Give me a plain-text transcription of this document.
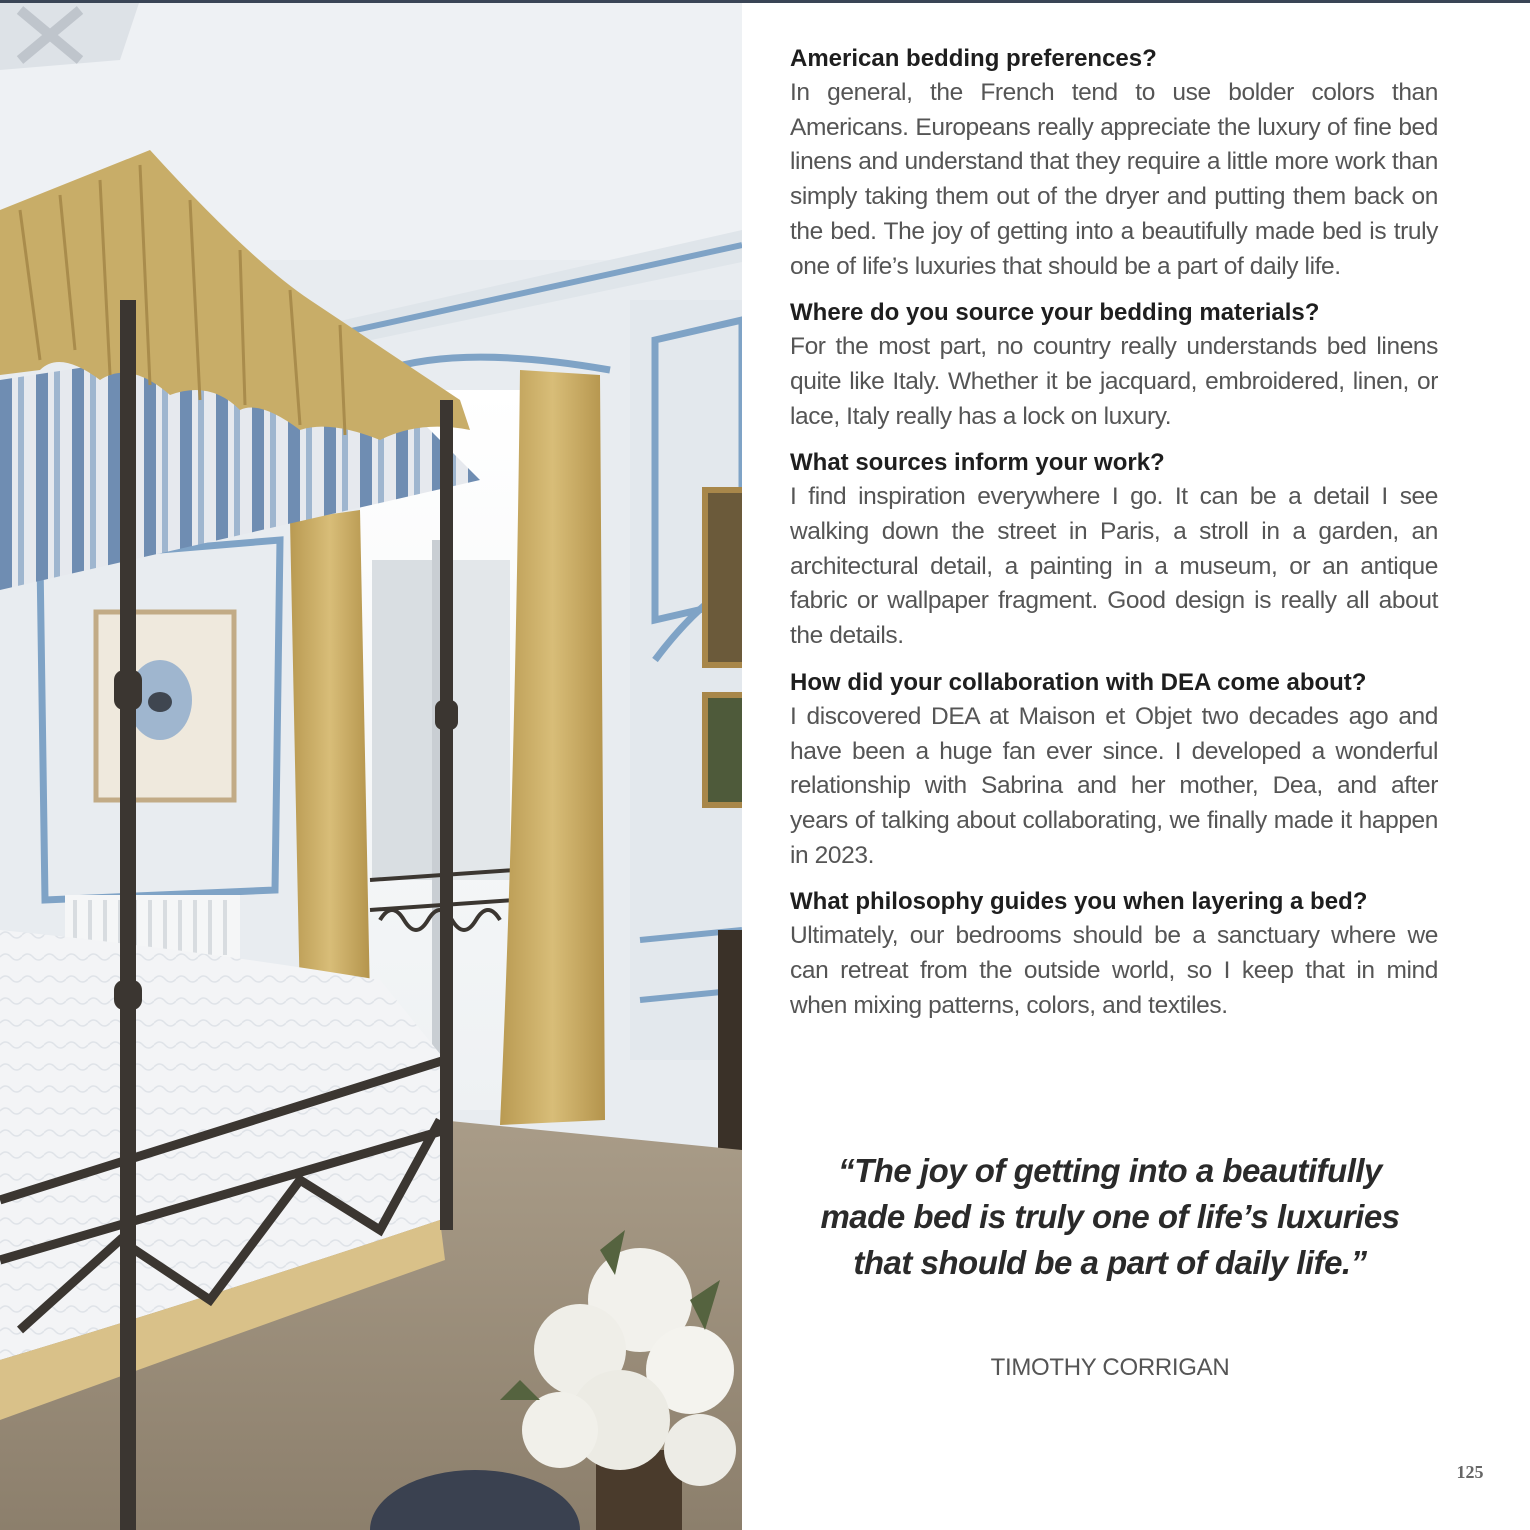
American bedding preferences?

In general, the French tend to use bolder colors than Americans. Europeans really appreciate the luxury of fine bed linens and understand that they require a little more work than simply taking them out of the dryer and putting them back on the bed. The joy of getting into a beautifully made bed is truly one of life’s luxuries that should be a part of daily life.

Where do you source your bedding materials?

For the most part, no country really understands bed linens quite like Italy. Whether it be jacquard, embroidered, linen, or lace, Italy really has a lock on luxury.

What sources inform your work?

I find inspiration everywhere I go. It can be a detail I see walking down the street in Paris, a stroll in a garden, an architectural detail, a painting in a museum, or an antique fabric or wallpaper fragment. Good design is really all about the details.

How did your collaboration with DEA come about?

I discovered DEA at Maison et Objet two decades ago and have been a huge fan ever since. I developed a wonderful relationship with Sabrina and her mother, Dea, and after years of talking about collaborating, we finally made it happen in 2023.

What philosophy guides you when layering a bed?

Ultimately, our bedrooms should be a sanctuary where we can retreat from the outside world, so I keep that in mind when mixing patterns, colors, and textiles.

“The joy of getting into a beautifully made bed is truly one of life’s luxuries that should be a part of daily life.”
TIMOTHY CORRIGAN
125
